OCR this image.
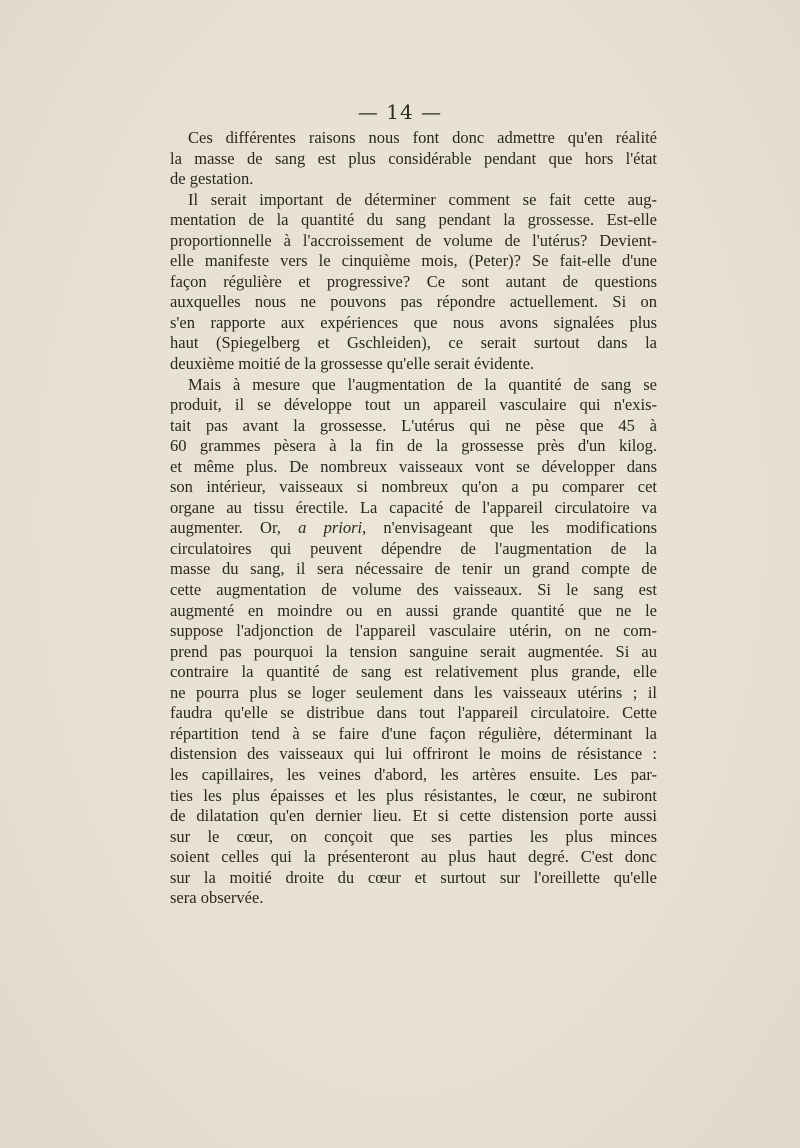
— 14 —
Ces différentes raisons nous font donc admettre qu'en réalité
la masse de sang est plus considérable pendant que hors l'état
de gestation.
Il serait important de déterminer comment se fait cette aug-
mentation de la quantité du sang pendant la grossesse. Est-elle
proportionnelle à l'accroissement de volume de l'utérus? Devient-
elle manifeste vers le cinquième mois, (Peter)? Se fait-elle d'une
façon régulière et progressive? Ce sont autant de questions
auxquelles nous ne pouvons pas répondre actuellement. Si on
s'en rapporte aux expériences que nous avons signalées plus
haut (Spiegelberg et Gschleiden), ce serait surtout dans la
deuxième moitié de la grossesse qu'elle serait évidente.
Mais à mesure que l'augmentation de la quantité de sang se
produit, il se développe tout un appareil vasculaire qui n'exis-
tait pas avant la grossesse. L'utérus qui ne pèse que 45 à
60 grammes pèsera à la fin de la grossesse près d'un kilog.
et même plus. De nombreux vaisseaux vont se développer dans
son intérieur, vaisseaux si nombreux qu'on a pu comparer cet
organe au tissu érectile. La capacité de l'appareil circulatoire va
augmenter. Or, a priori, n'envisageant que les modifications
circulatoires qui peuvent dépendre de l'augmentation de la
masse du sang, il sera nécessaire de tenir un grand compte de
cette augmentation de volume des vaisseaux. Si le sang est
augmenté en moindre ou en aussi grande quantité que ne le
suppose l'adjonction de l'appareil vasculaire utérin, on ne com-
prend pas pourquoi la tension sanguine serait augmentée. Si au
contraire la quantité de sang est relativement plus grande, elle
ne pourra plus se loger seulement dans les vaisseaux utérins ; il
faudra qu'elle se distribue dans tout l'appareil circulatoire. Cette
répartition tend à se faire d'une façon régulière, déterminant la
distension des vaisseaux qui lui offriront le moins de résistance :
les capillaires, les veines d'abord, les artères ensuite. Les par-
ties les plus épaisses et les plus résistantes, le cœur, ne subiront
de dilatation qu'en dernier lieu. Et si cette distension porte aussi
sur le cœur, on conçoit que ses parties les plus minces
soient celles qui la présenteront au plus haut degré. C'est donc
sur la moitié droite du cœur et surtout sur l'oreillette qu'elle
sera observée.
